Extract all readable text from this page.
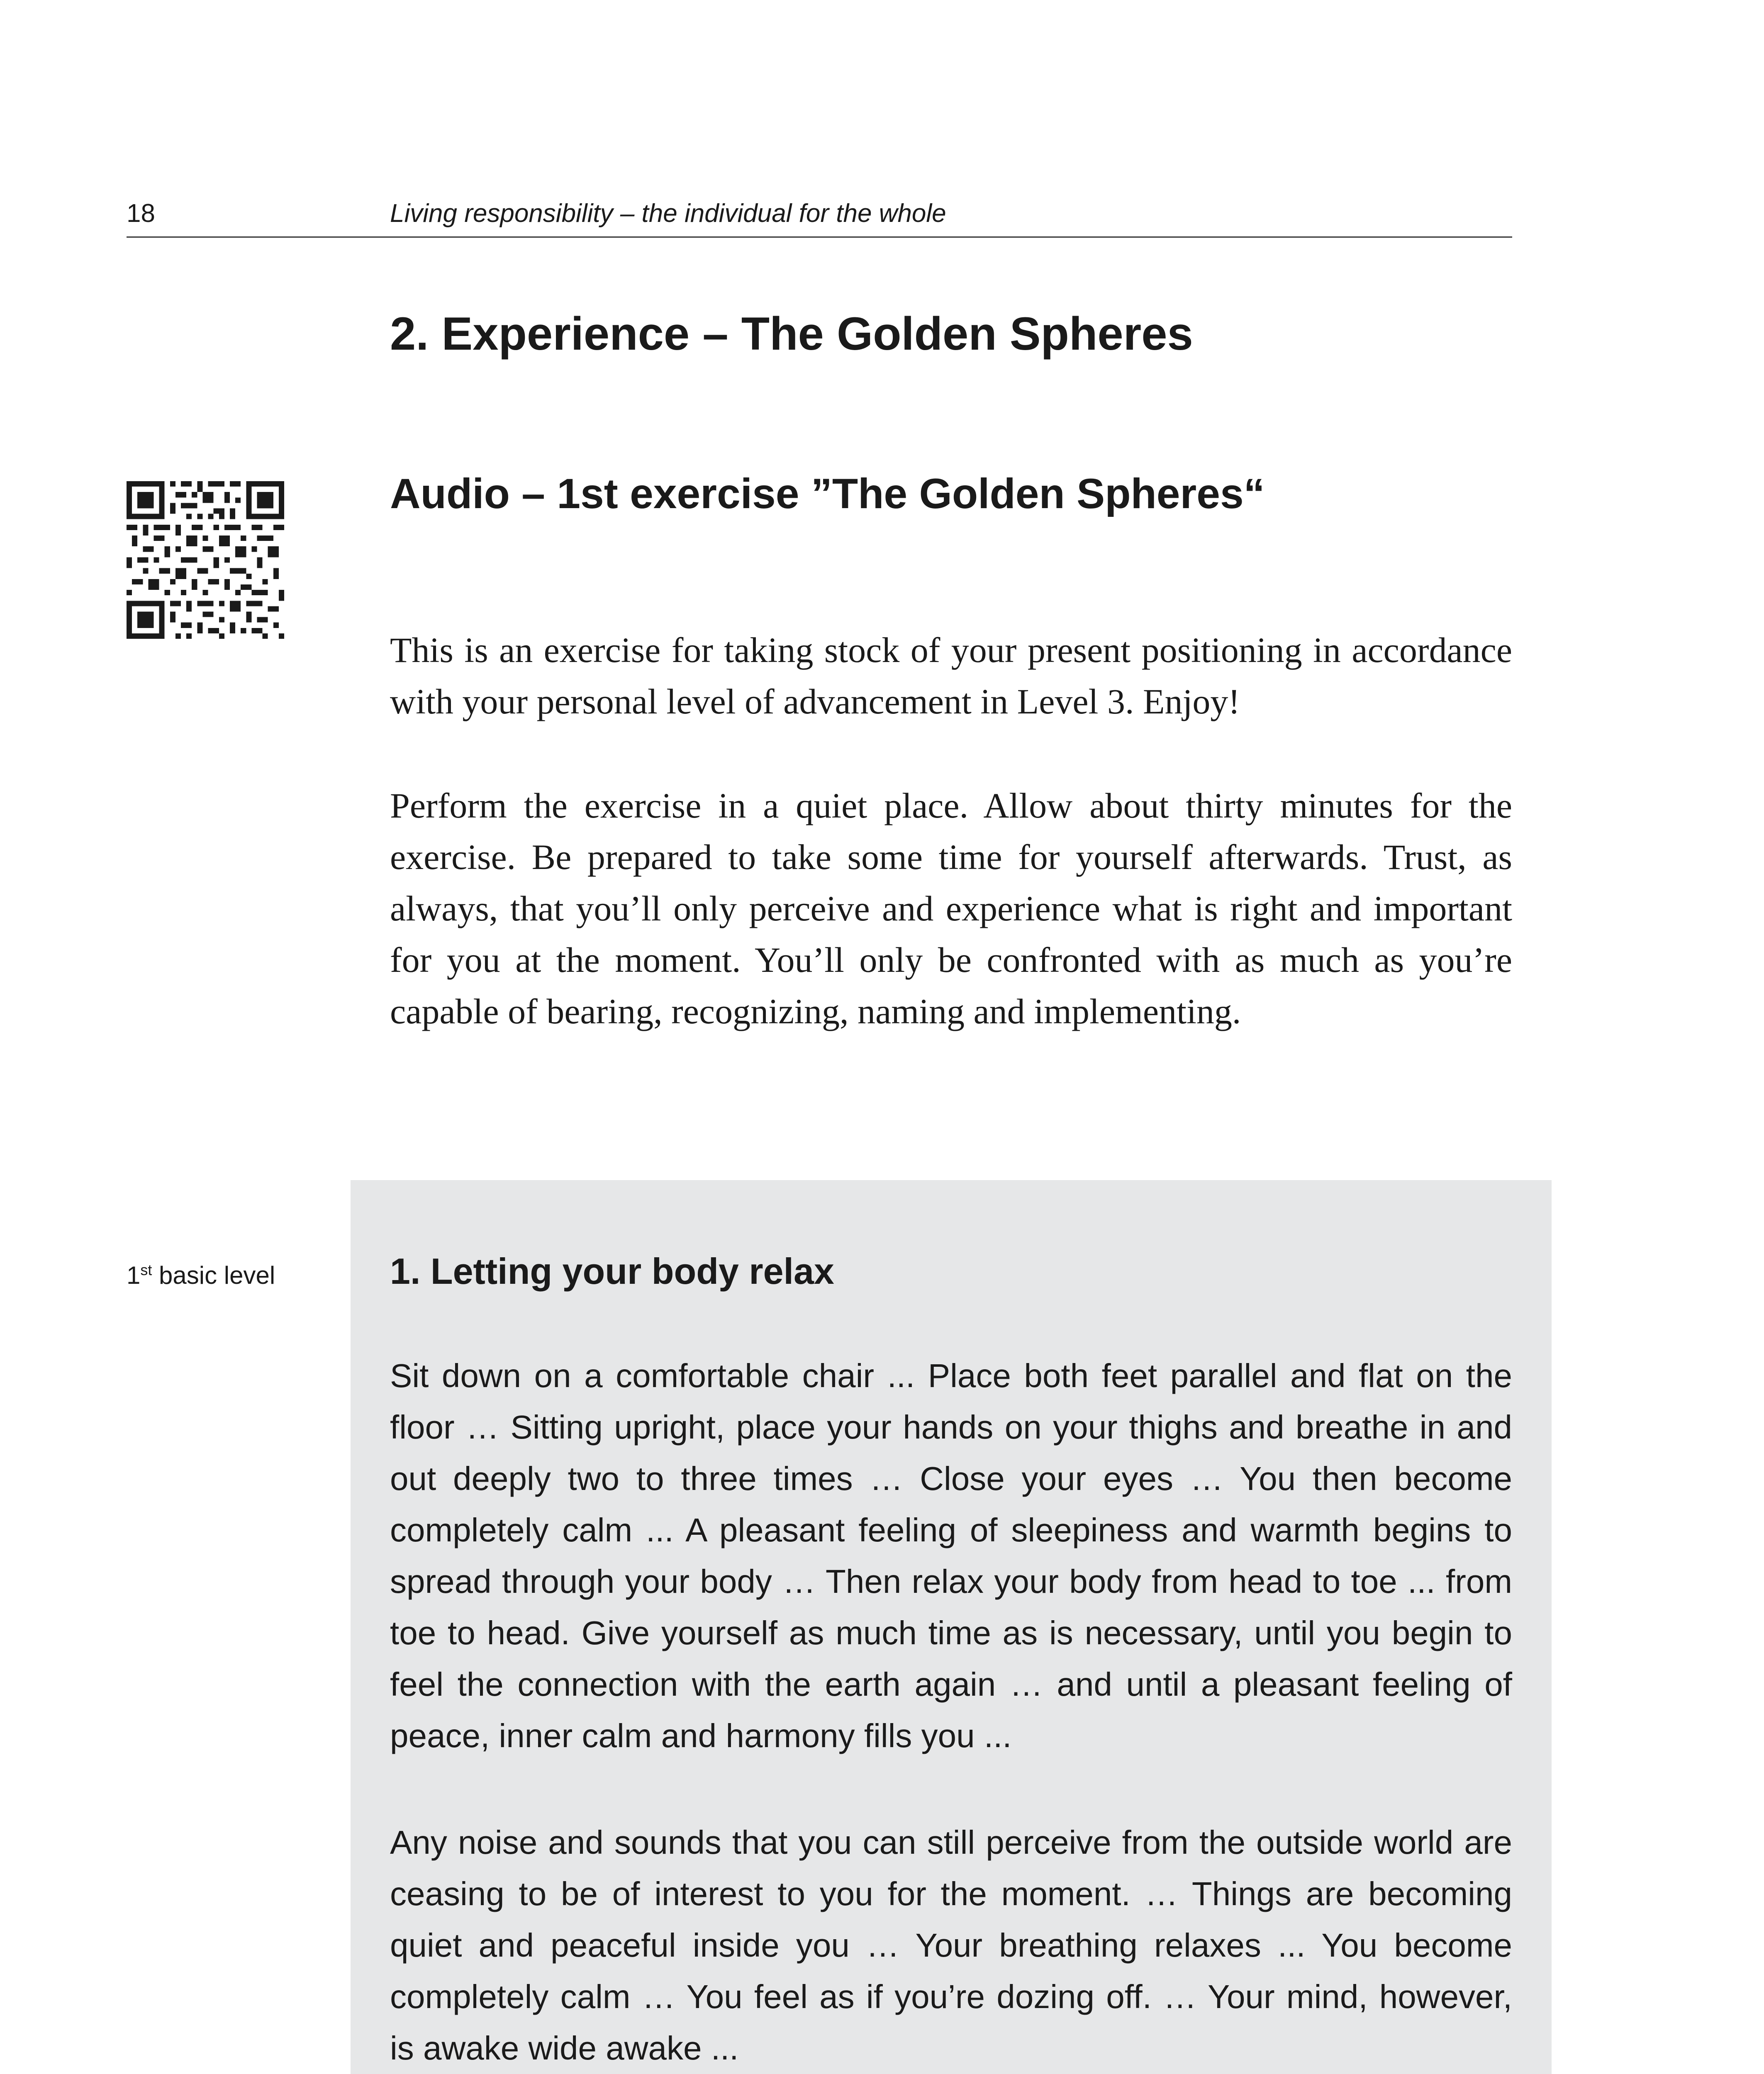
18	Living responsibility – the individual for the whole
2. Experience – The Golden Spheres
Audio – 1st exercise ”The Golden Spheres“
This is an exercise for taking stock of your present positioning in accordance with your personal level of advancement in Level 3. Enjoy!
Perform the exercise in a quiet place. Allow about thirty minutes for the exercise. Be prepared to take some time for yourself afterwards. Trust, as always, that you’ll only perceive and experience what is right and important for you at the moment. You’ll only be confronted with as much as you’re capable of bearing, recognizing, naming and implementing.
1st basic level	1. Letting your body relax
Sit down on a comfortable chair ... Place both feet parallel and flat on the floor … Sitting upright, place your hands on your thighs and breathe in and out deeply two to three times … Close your eyes … You then become completely calm ... A pleasant feeling of sleepiness and warmth begins to spread through your body … Then relax your body from head to toe ... from toe to head. Give yourself as much time as is necessary, until you begin to feel the connection with the earth again … and until a pleasant feeling of peace, inner calm and harmony fills you ...
Any noise and sounds that you can still perceive from the outside world are ceasing to be of interest to you for the moment. … Things are becoming quiet and peaceful inside you … Your breathing relaxes ... You become completely calm … You feel as if you’re dozing off. … Your mind, however, is awake wide awake ...
